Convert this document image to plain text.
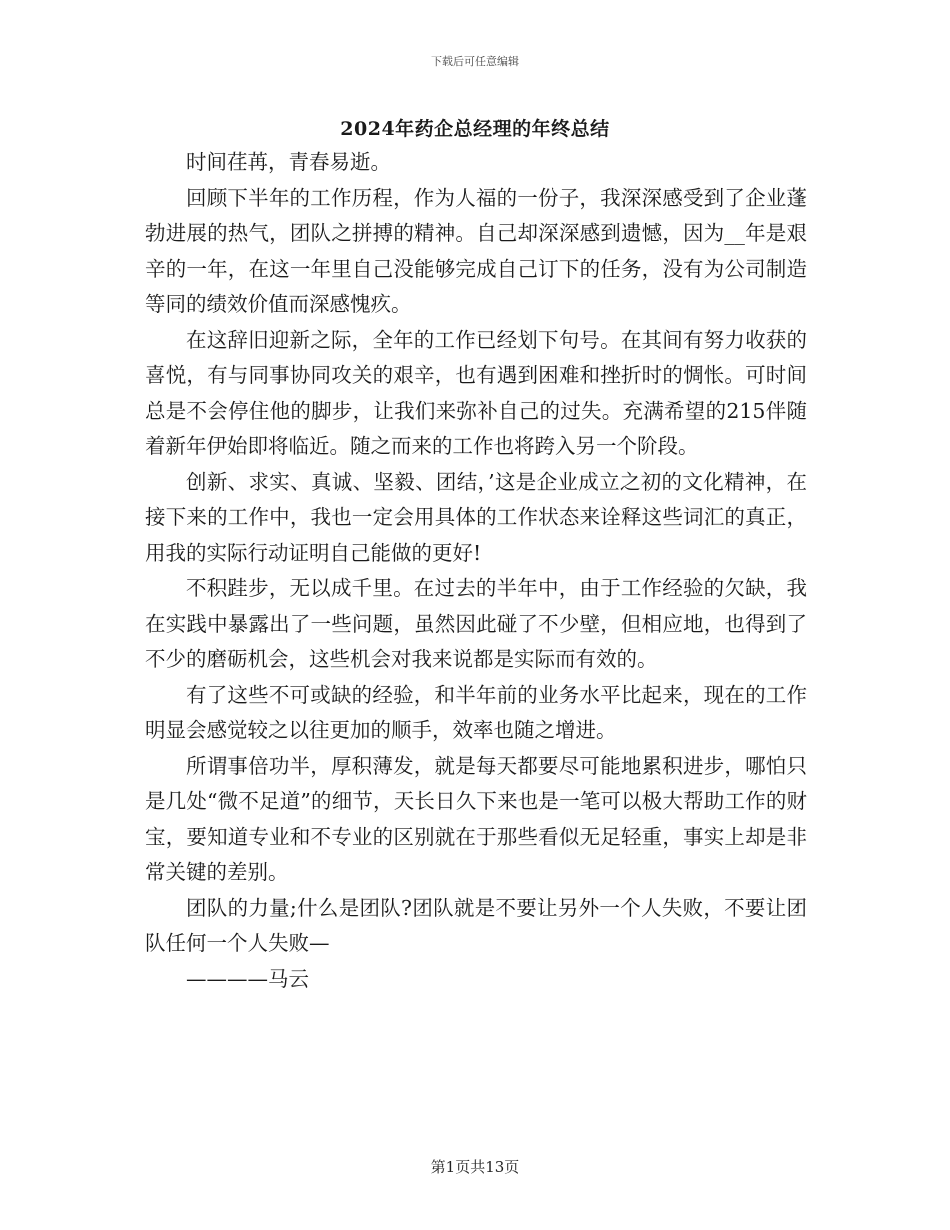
下载后可任意编辑
2024年药企总经理的年终总结

时间荏苒，青春易逝。

回顾下半年的工作历程，作为人福的一份子，我深深感受到了企业蓬勃进展的热气，团队之拼搏的精神。自己却深深感到遗憾，因为__年是艰辛的一年，在这一年里自己没能够完成自己订下的任务，没有为公司制造等同的绩效价值而深感愧疚。

在这辞旧迎新之际，全年的工作已经划下句号。在其间有努力收获的喜悦，有与同事协同攻关的艰辛，也有遇到困难和挫折时的惆怅。可时间总是不会停住他的脚步，让我们来弥补自己的过失。充满希望的215伴随着新年伊始即将临近。随之而来的工作也将跨入另一个阶段。

创新、求实、真诚、坚毅、团结，’这是企业成立之初的文化精神，在接下来的工作中，我也一定会用具体的工作状态来诠释这些词汇的真正，用我的实际行动证明自己能做的更好!

不积跬步，无以成千里。在过去的半年中，由于工作经验的欠缺，我在实践中暴露出了一些问题，虽然因此碰了不少壁，但相应地，也得到了不少的磨砺机会，这些机会对我来说都是实际而有效的。

有了这些不可或缺的经验，和半年前的业务水平比起来，现在的工作明显会感觉较之以往更加的顺手，效率也随之增进。

所谓事倍功半，厚积薄发，就是每天都要尽可能地累积进步，哪怕只是几处“微不足道”的细节，天长日久下来也是一笔可以极大帮助工作的财宝，要知道专业和不专业的区别就在于那些看似无足轻重，事实上却是非常关键的差别。

团队的力量;什么是团队?团队就是不要让另外一个人失败，不要让团队任何一个人失败—

————马云

第1页共13页
